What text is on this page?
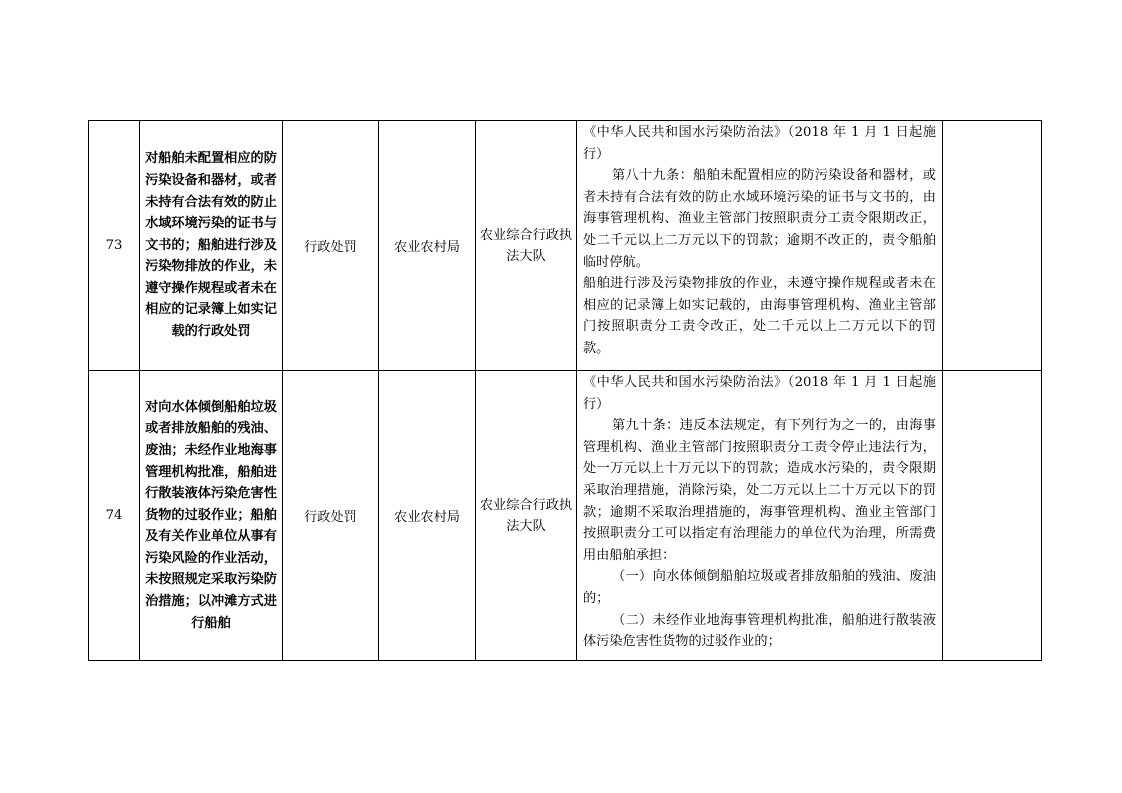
73	对船舶未配置相应的防污染设备和器材，或者未持有合法有效的防止水域环境污染的证书与文书的；船舶进行涉及污染物排放的作业，未遵守操作规程或者未在相应的记录簿上如实记载的行政处罚	行政处罚	农业农村局	农业综合行政执法大队	《中华人民共和国水污染防治法》（2018 年 1 月 1 日起施行）

第八十九条：船舶未配置相应的防污染设备和器材，或者未持有合法有效的防止水域环境污染的证书与文书的，由海事管理机构、渔业主管部门按照职责分工责令限期改正，处二千元以上二万元以下的罚款；逾期不改正的，责令船舶临时停航。

船舶进行涉及污染物排放的作业，未遵守操作规程或者未在相应的记录簿上如实记载的，由海事管理机构、渔业主管部门按照职责分工责令改正，处二千元以上二万元以下的罚款。	

74	对向水体倾倒船舶垃圾或者排放船舶的残油、废油；未经作业地海事管理机构批准，船舶进行散装液体污染危害性货物的过驳作业；船舶及有关作业单位从事有污染风险的作业活动，未按照规定采取污染防治措施；以冲滩方式进行船舶	行政处罚	农业农村局	农业综合行政执法大队	《中华人民共和国水污染防治法》（2018 年 1 月 1 日起施行）

第九十条：违反本法规定，有下列行为之一的，由海事管理机构、渔业主管部门按照职责分工责令停止违法行为，处一万元以上十万元以下的罚款；造成水污染的，责令限期采取治理措施，消除污染，处二万元以上二十万元以下的罚款；逾期不采取治理措施的，海事管理机构、渔业主管部门按照职责分工可以指定有治理能力的单位代为治理，所需费用由船舶承担：

（一）向水体倾倒船舶垃圾或者排放船舶的残油、废油的；

（二）未经作业地海事管理机构批准，船舶进行散装液体污染危害性货物的过驳作业的；	
